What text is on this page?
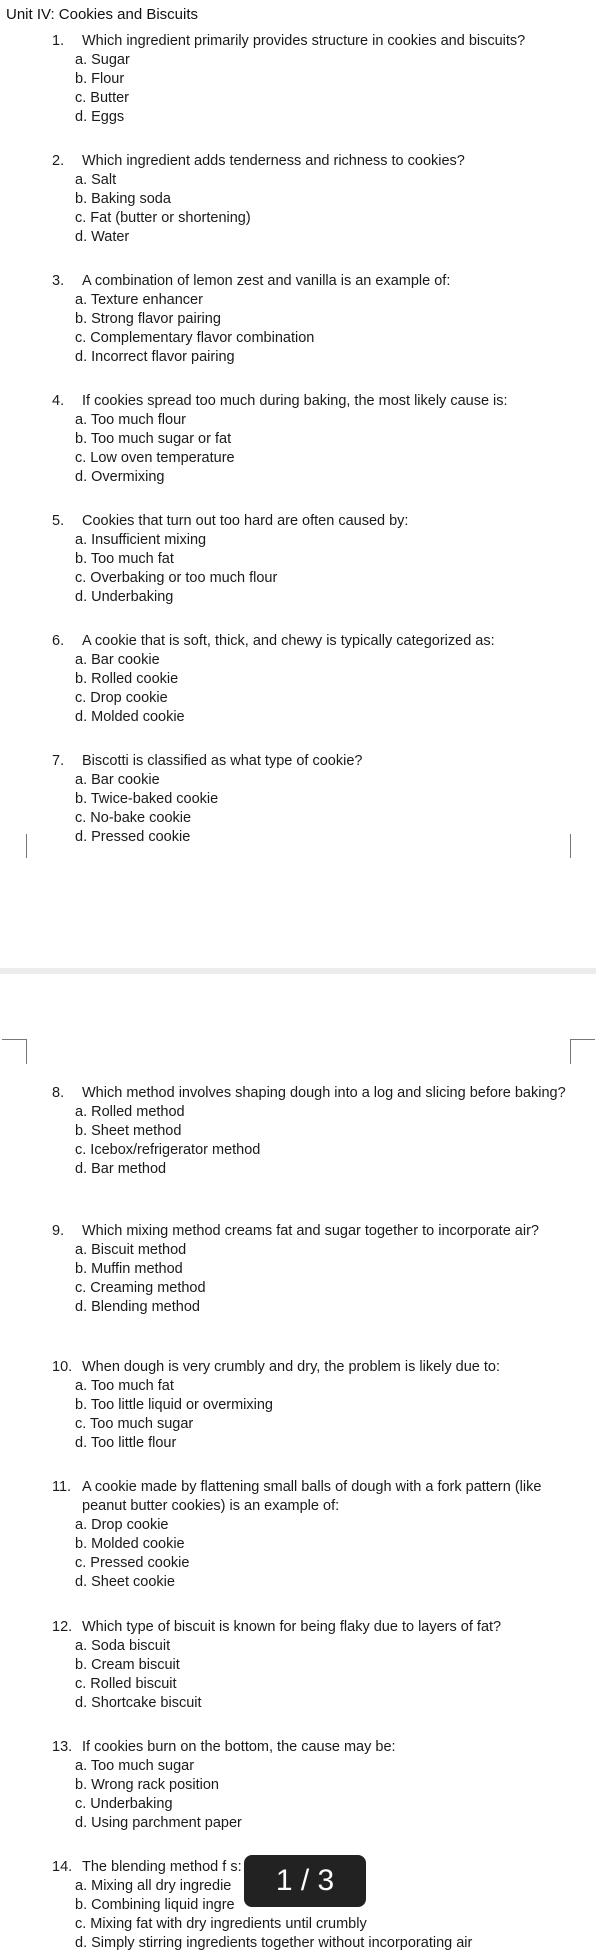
Unit IV: Cookies and Biscuits
1.	Which ingredient primarily provides structure in cookies and biscuits?
a. Sugar
b. Flour
c. Butter
d. Eggs
2.	Which ingredient adds tenderness and richness to cookies?
a. Salt
b. Baking soda
c. Fat (butter or shortening)
d. Water
3.	A combination of lemon zest and vanilla is an example of:
a. Texture enhancer
b. Strong flavor pairing
c. Complementary flavor combination
d. Incorrect flavor pairing
4.	If cookies spread too much during baking, the most likely cause is:
a. Too much flour
b. Too much sugar or fat
c. Low oven temperature
d. Overmixing
5.	Cookies that turn out too hard are often caused by:
a. Insufficient mixing
b. Too much fat
c. Overbaking or too much flour
d. Underbaking
6.	A cookie that is soft, thick, and chewy is typically categorized as:
a. Bar cookie
b. Rolled cookie
c. Drop cookie
d. Molded cookie
7.	Biscotti is classified as what type of cookie?
a. Bar cookie
b. Twice-baked cookie
c. No-bake cookie
d. Pressed cookie
8.	Which method involves shaping dough into a log and slicing before baking?
a. Rolled method
b. Sheet method
c. Icebox/refrigerator method
d. Bar method
9.	Which mixing method creams fat and sugar together to incorporate air?
a. Biscuit method
b. Muffin method
c. Creaming method
d. Blending method
10. When dough is very crumbly and dry, the problem is likely due to:
a. Too much fat
b. Too little liquid or overmixing
c. Too much sugar
d. Too little flour
11. A cookie made by flattening small balls of dough with a fork pattern (like peanut butter cookies) is an example of:
a. Drop cookie
b. Molded cookie
c. Pressed cookie
d. Sheet cookie
12. Which type of biscuit is known for being flaky due to layers of fat?
a. Soda biscuit
b. Cream biscuit
c. Rolled biscuit
d. Shortcake biscuit
13. If cookies burn on the bottom, the cause may be:
a. Too much sugar
b. Wrong rack position
c. Underbaking
d. Using parchment paper
14. The blending method f s:
a. Mixing all dry ingredie
b. Combining liquid ingre
c. Mixing fat with dry ingredients until crumbly
d. Simply stirring ingredients together without incorporating air
1 / 3
